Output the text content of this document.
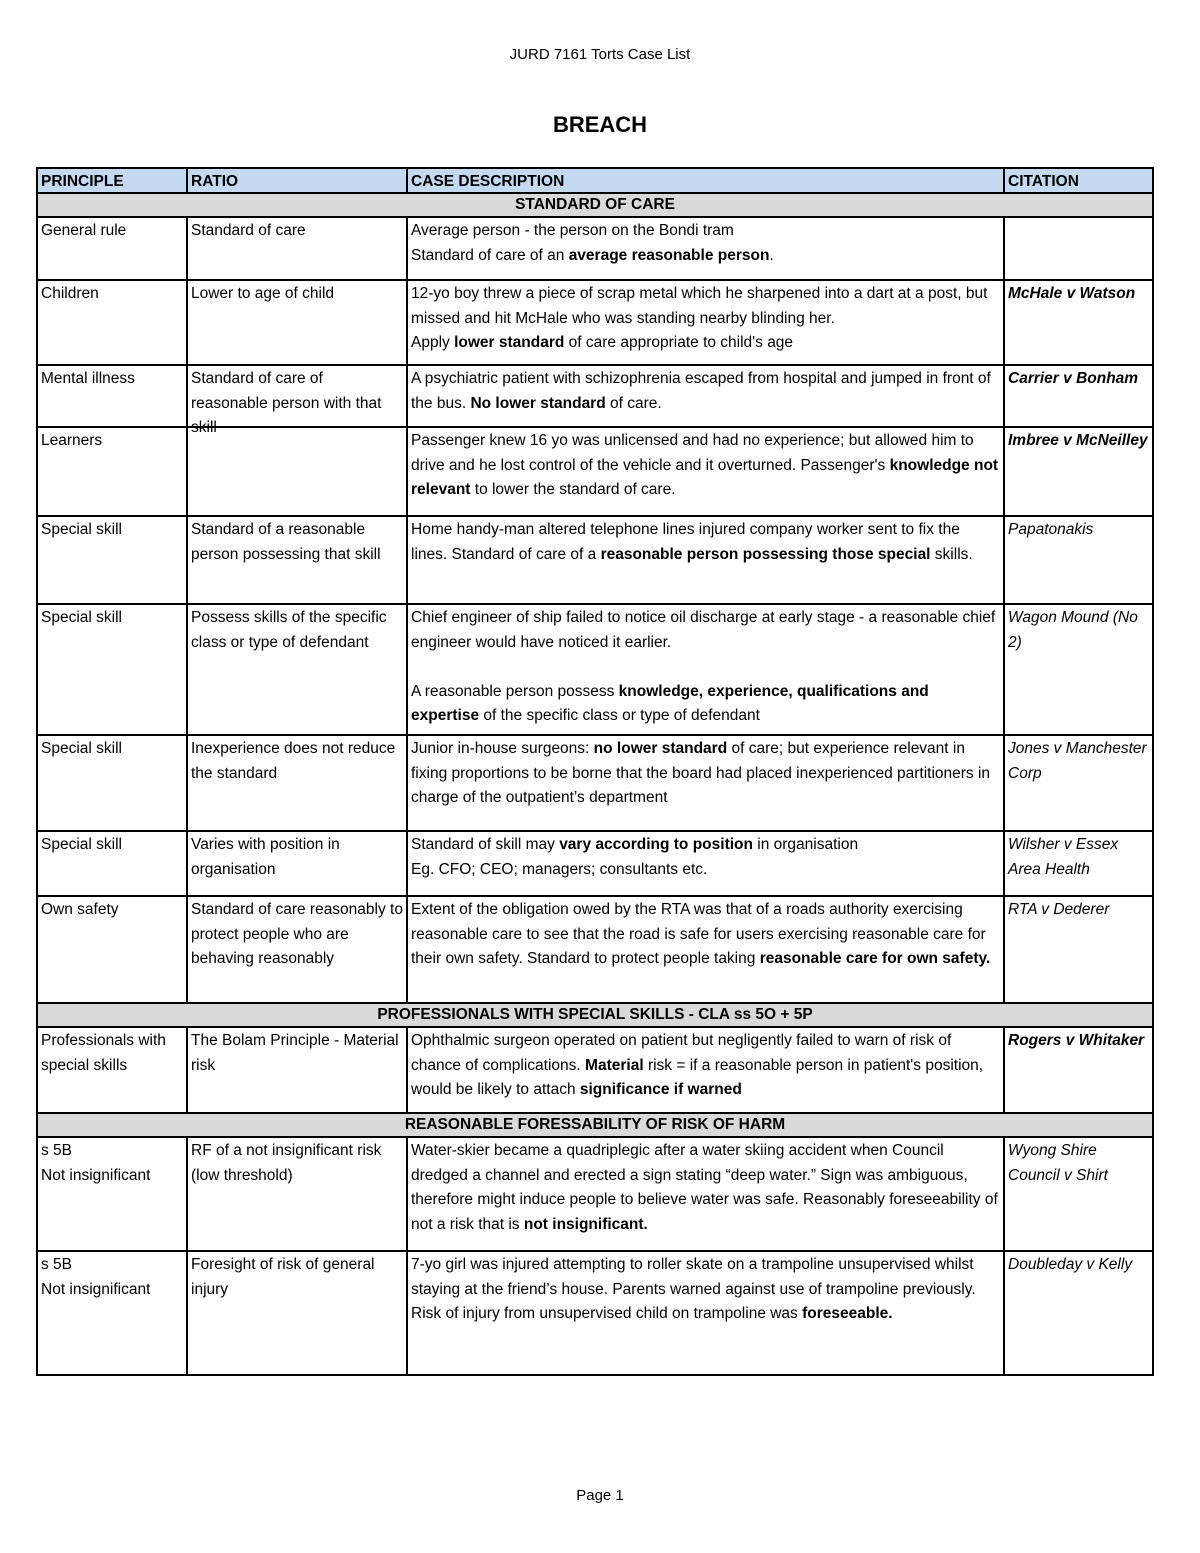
JURD 7161 Torts Case List
BREACH
PRINCIPLE	RATIO	CASE DESCRIPTION	CITATION
STANDARD OF CARE			
General rule	Standard of care	Average person - the person on the Bondi tram
Standard of care of an average reasonable person.	
Children	Lower to age of child	12-yo boy threw a piece of scrap metal which he sharpened into a dart at a post, but missed and hit McHale who was standing nearby blinding her.
Apply lower standard of care appropriate to child's age	McHale v Watson
Mental illness	Standard of care of reasonable person with that skill	A psychiatric patient with schizophrenia escaped from hospital and jumped in front of the bus. No lower standard of care.	Carrier v Bonham
Learners		Passenger knew 16 yo was unlicensed and had no experience; but allowed him to drive and he lost control of the vehicle and it overturned. Passenger's knowledge not relevant to lower the standard of care.	Imbree v McNeilley
Special skill	Standard of a reasonable person possessing that skill	Home handy-man altered telephone lines injured company worker sent to fix the lines. Standard of care of a reasonable person possessing those special skills.	Papatonakis
Special skill	Possess skills of the specific class or type of defendant	Chief engineer of ship failed to notice oil discharge at early stage - a reasonable chief engineer would have noticed it earlier.

A reasonable person possess knowledge, experience, qualifications and expertise of the specific class or type of defendant	Wagon Mound (No 2)
Special skill	Inexperience does not reduce the standard	Junior in-house surgeons: no lower standard of care; but experience relevant in fixing proportions to be borne that the board had placed inexperienced partitioners in charge of the outpatient’s department	Jones v Manchester Corp
Special skill	Varies with position in organisation	Standard of skill may vary according to position in organisation
Eg. CFO; CEO; managers; consultants etc.	Wilsher v Essex Area Health
Own safety	Standard of care reasonably to protect people who are behaving reasonably	Extent of the obligation owed by the RTA was that of a roads authority exercising reasonable care to see that the road is safe for users exercising reasonable care for their own safety. Standard to protect people taking reasonable care for own safety.	RTA v Dederer
PROFESSIONALS WITH SPECIAL SKILLS - CLA ss 5O + 5P			
Professionals with special skills	The Bolam Principle - Material risk	Ophthalmic surgeon operated on patient but negligently failed to warn of risk of chance of complications. Material risk = if a reasonable person in patient's position, would be likely to attach significance if warned	Rogers v Whitaker
REASONABLE FORESSABILITY OF RISK OF HARM			
s 5B
Not insignificant	RF of a not insignificant risk (low threshold)	Water-skier became a quadriplegic after a water skiing accident when Council dredged a channel and erected a sign stating “deep water.” Sign was ambiguous, therefore might induce people to believe water was safe. Reasonably foreseeability of not a risk that is not insignificant.	Wyong Shire Council v Shirt
s 5B
Not insignificant	Foresight of risk of general injury	7-yo girl was injured attempting to roller skate on a trampoline unsupervised whilst staying at the friend’s house. Parents warned against use of trampoline previously. Risk of injury from unsupervised child on trampoline was foreseeable.	Doubleday v Kelly
Page 1
